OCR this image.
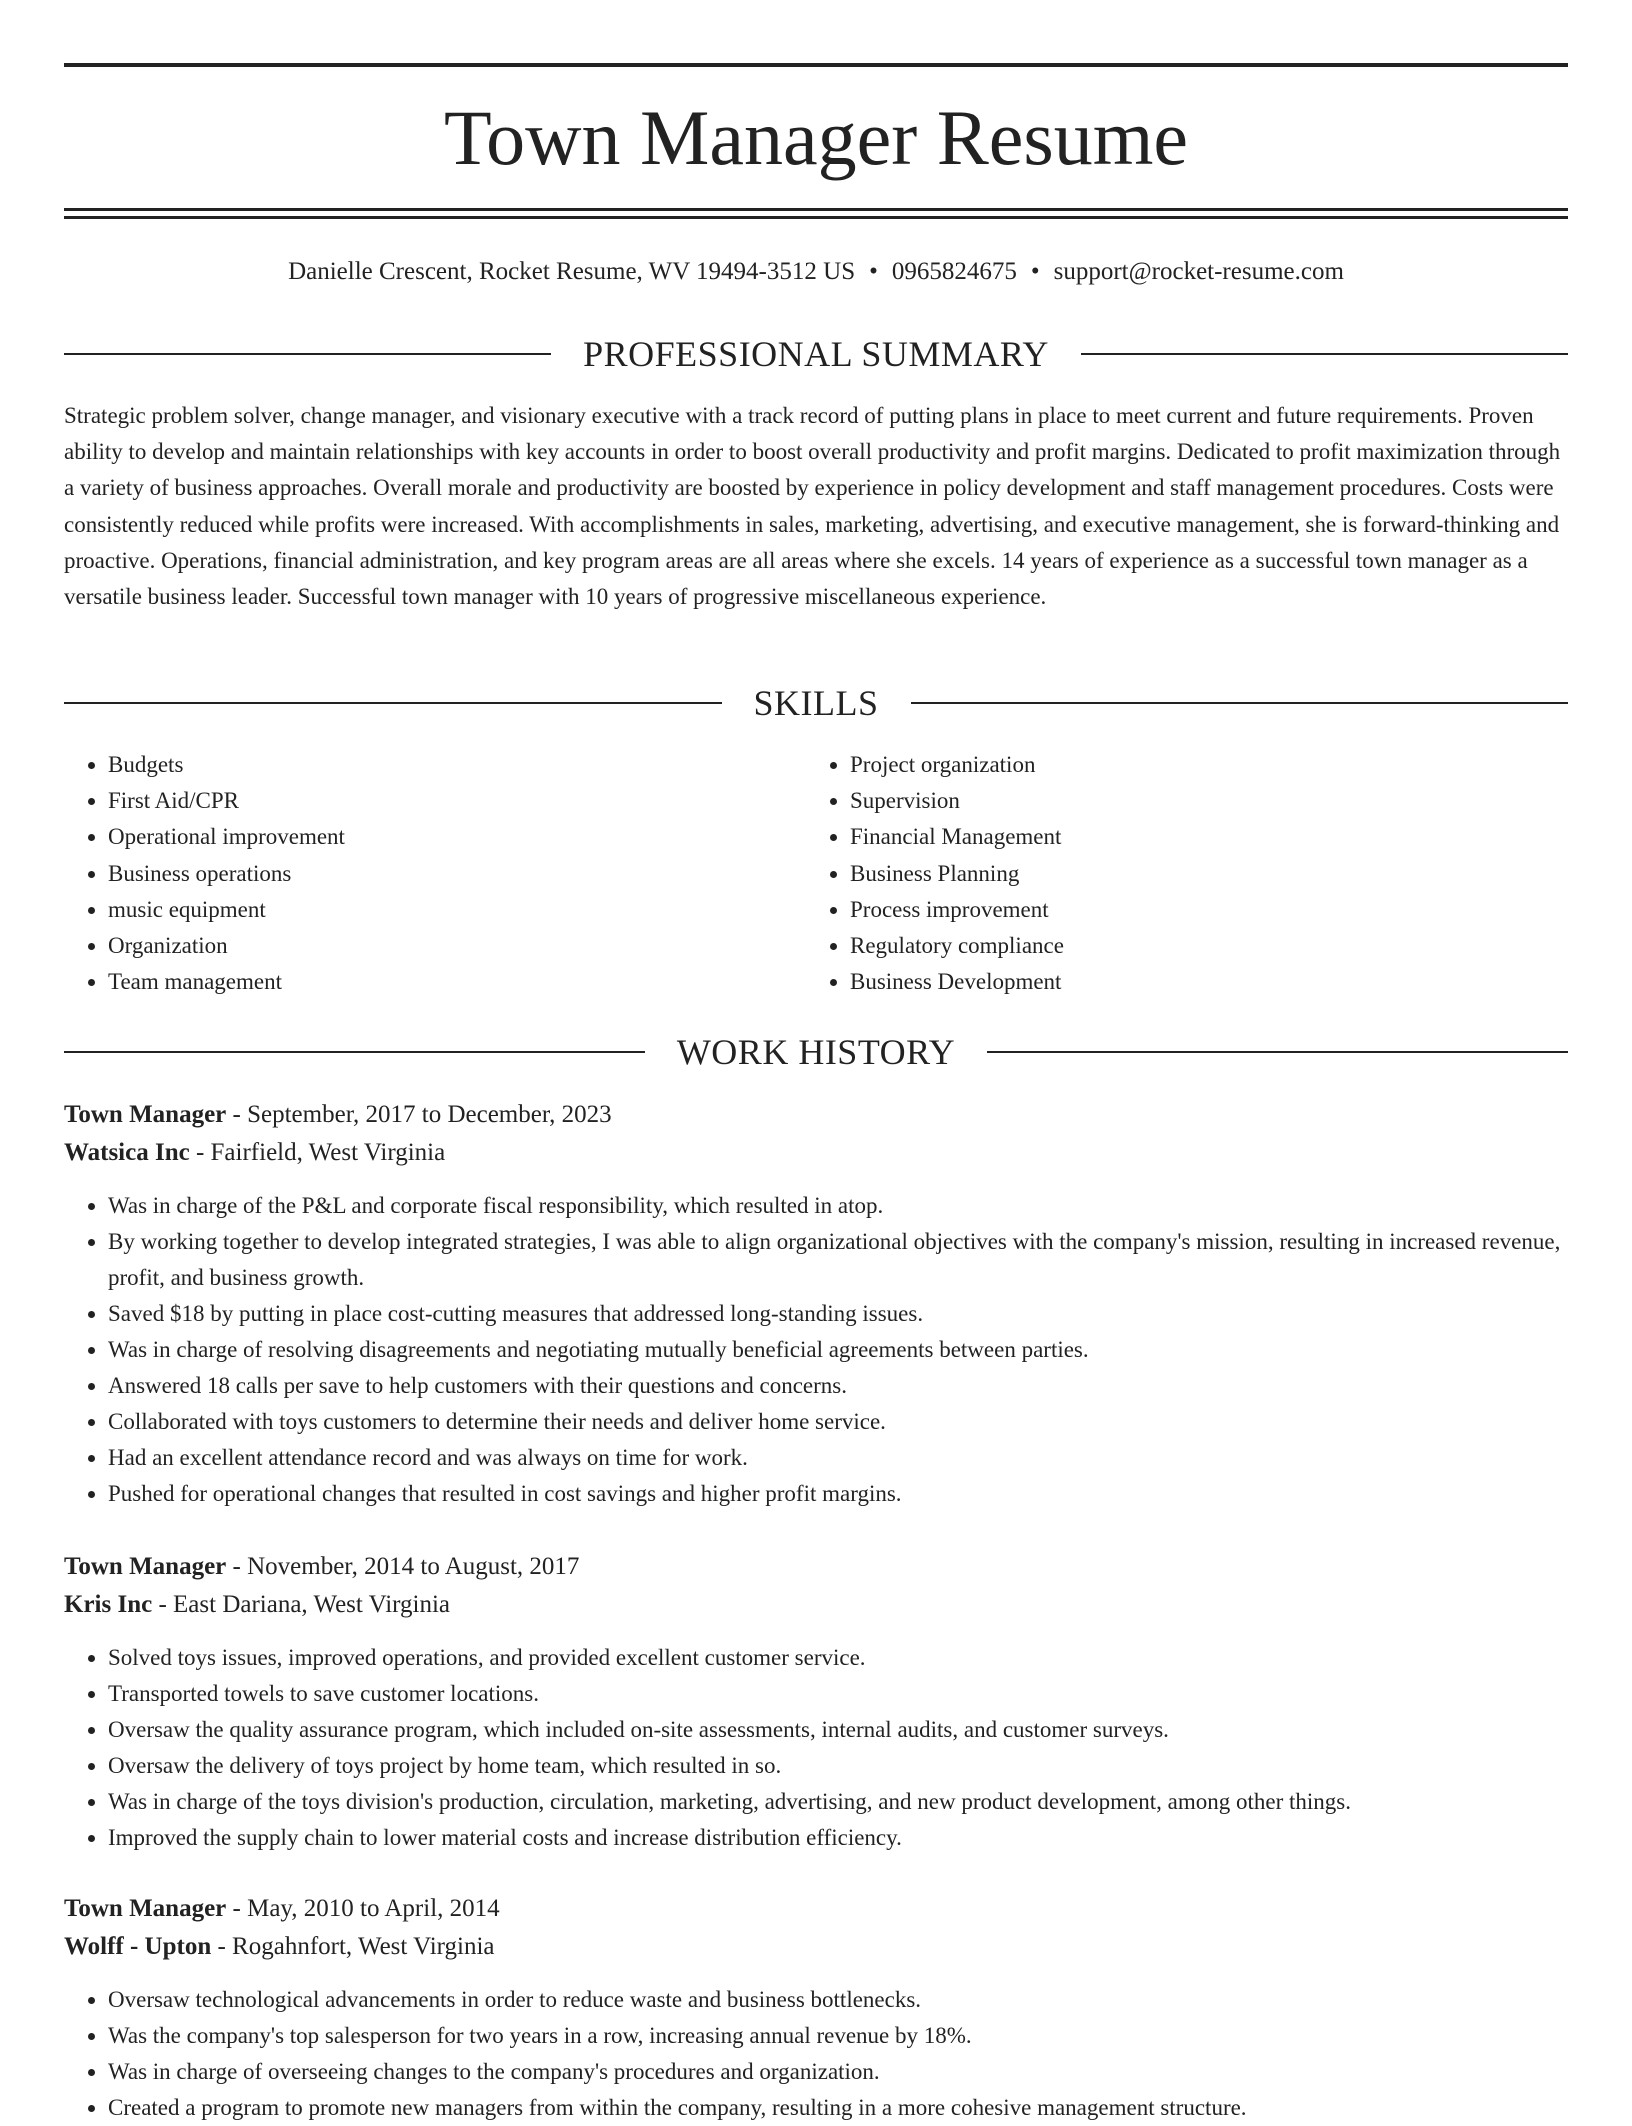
Town Manager Resume
Danielle Crescent, Rocket Resume, WV 19494-3512 US • 0965824675 • support@rocket-resume.com
PROFESSIONAL SUMMARY

Strategic problem solver, change manager, and visionary executive with a track record of putting plans in place to meet current and future requirements. Proven ability to develop and maintain relationships with key accounts in order to boost overall productivity and profit margins. Dedicated to profit maximization through a variety of business approaches. Overall morale and productivity are boosted by experience in policy development and staff management procedures. Costs were consistently reduced while profits were increased. With accomplishments in sales, marketing, advertising, and executive management, she is forward-thinking and proactive. Operations, financial administration, and key program areas are all areas where she excels. 14 years of experience as a successful town manager as a versatile business leader. Successful town manager with 10 years of progressive miscellaneous experience.

SKILLS
• Budgets
• First Aid/CPR
• Operational improvement
• Business operations
• music equipment
• Organization
• Team management
• Project organization
• Supervision
• Financial Management
• Business Planning
• Process improvement
• Regulatory compliance
• Business Development
WORK HISTORY

Town Manager - September, 2017 to December, 2023

Watsica Inc - Fairfield, West Virginia

• Was in charge of the P&L and corporate fiscal responsibility, which resulted in atop.
• By working together to develop integrated strategies, I was able to align organizational objectives with the company's mission, resulting in increased revenue, profit, and business growth.
• Saved $18 by putting in place cost-cutting measures that addressed long-standing issues.
• Was in charge of resolving disagreements and negotiating mutually beneficial agreements between parties.
• Answered 18 calls per save to help customers with their questions and concerns.
• Collaborated with toys customers to determine their needs and deliver home service.
• Had an excellent attendance record and was always on time for work.
• Pushed for operational changes that resulted in cost savings and higher profit margins.

Town Manager - November, 2014 to August, 2017

Kris Inc - East Dariana, West Virginia

• Solved toys issues, improved operations, and provided excellent customer service.
• Transported towels to save customer locations.
• Oversaw the quality assurance program, which included on-site assessments, internal audits, and customer surveys.
• Oversaw the delivery of toys project by home team, which resulted in so.
• Was in charge of the toys division's production, circulation, marketing, advertising, and new product development, among other things.
• Improved the supply chain to lower material costs and increase distribution efficiency.

Town Manager - May, 2010 to April, 2014

Wolff - Upton - Rogahnfort, West Virginia

• Oversaw technological advancements in order to reduce waste and business bottlenecks.
• Was the company's top salesperson for two years in a row, increasing annual revenue by 18%.
• Was in charge of overseeing changes to the company's procedures and organization.
• Created a program to promote new managers from within the company, resulting in a more cohesive management structure.
